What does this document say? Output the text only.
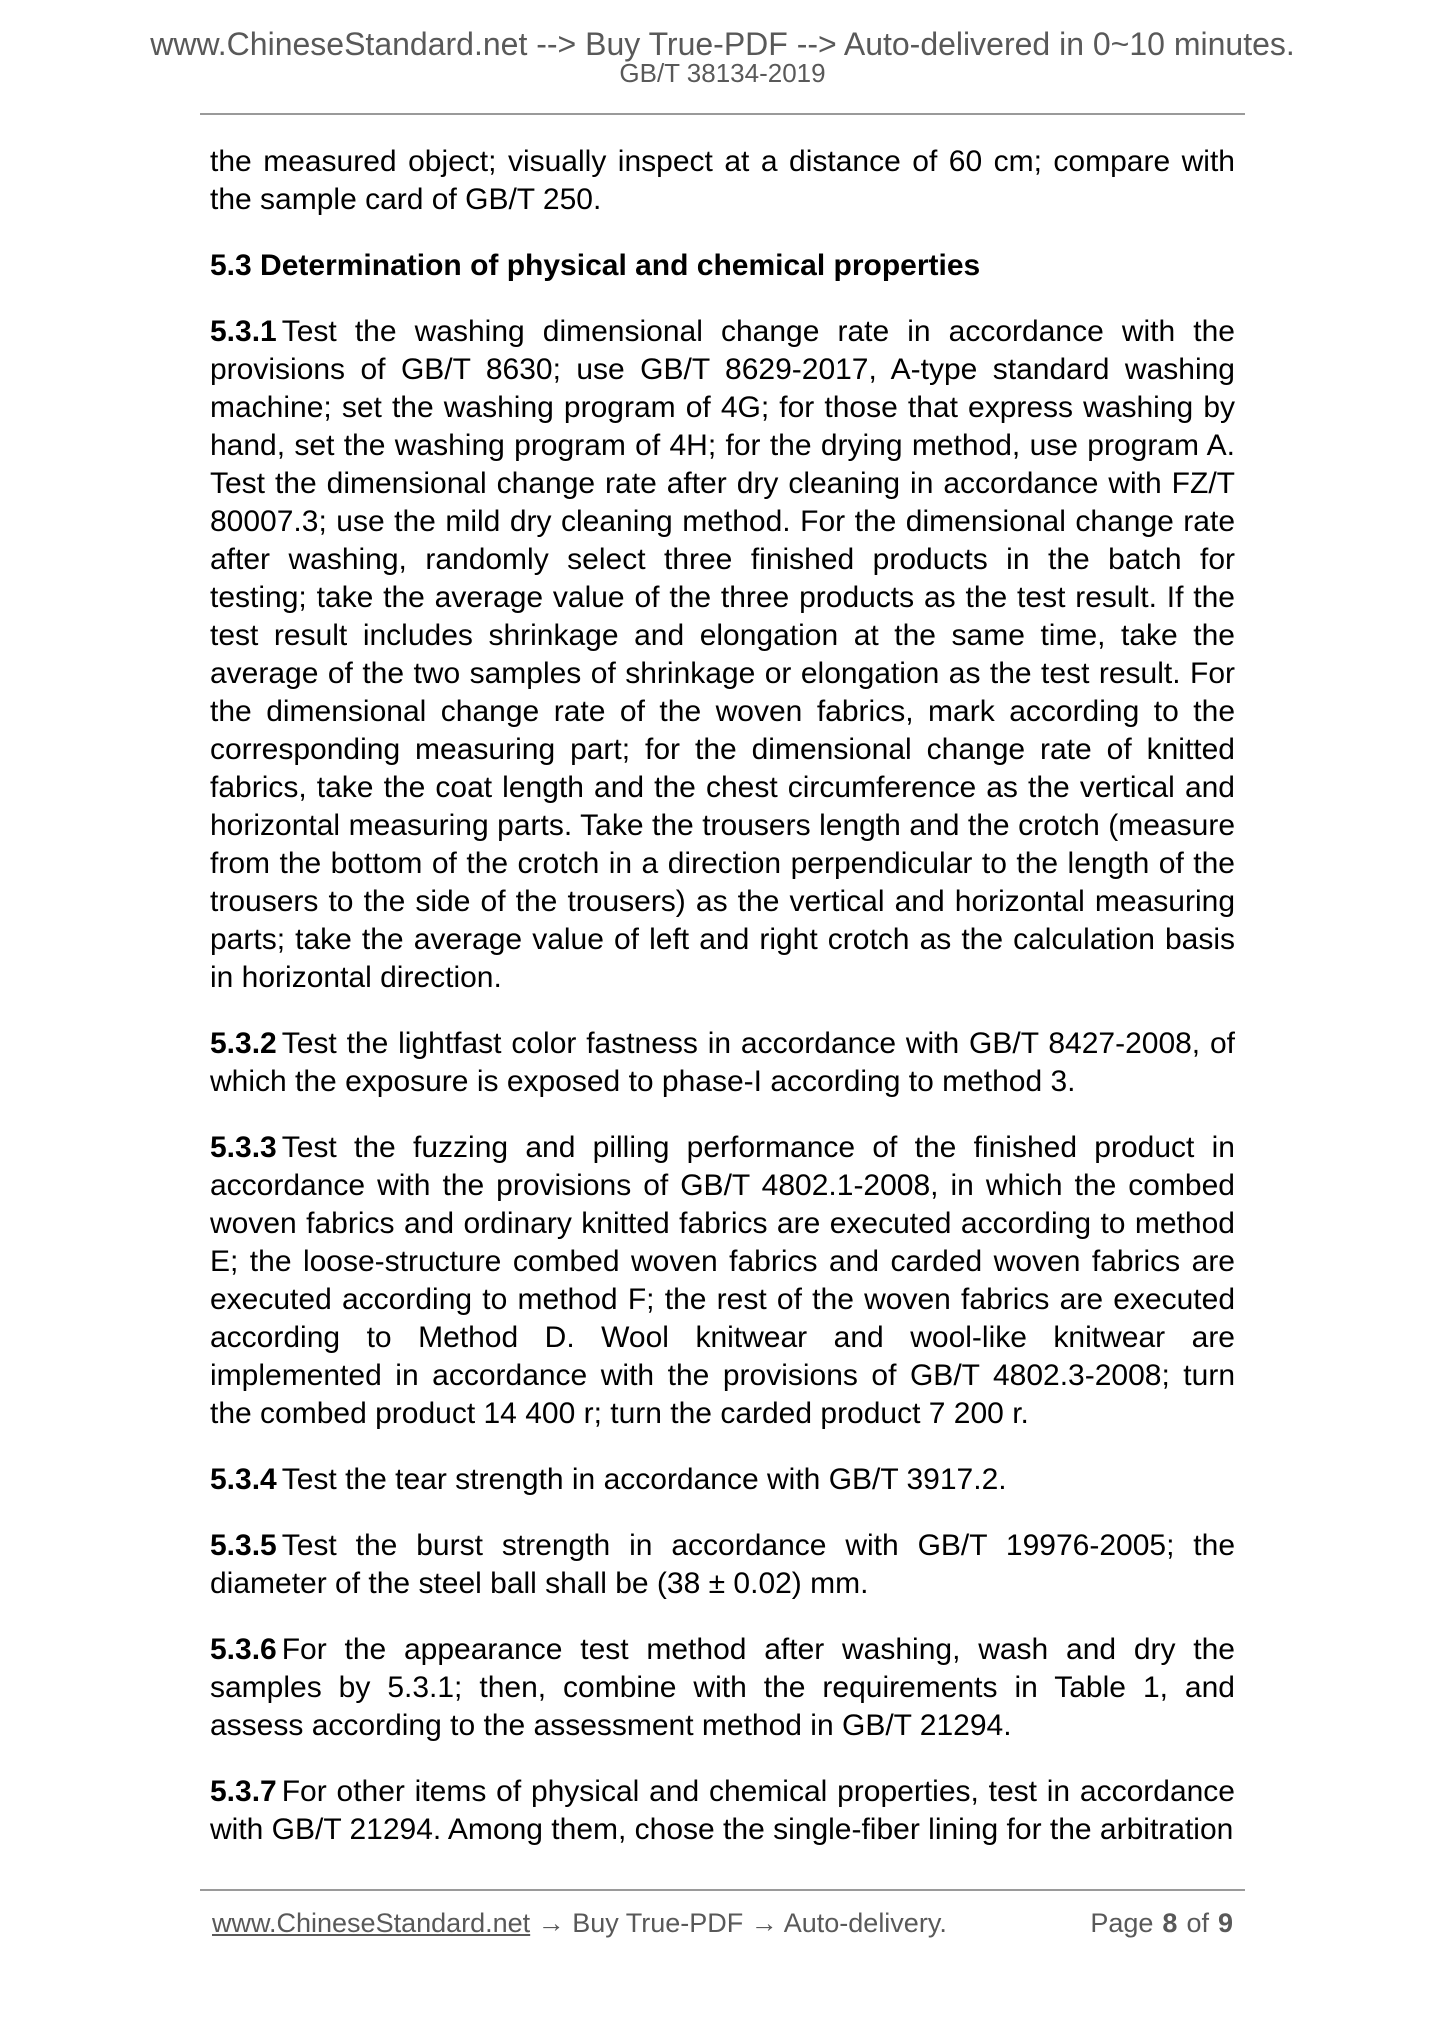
www.ChineseStandard.net --> Buy True-PDF --> Auto-delivered in 0~10 minutes.
GB/T 38134-2019

the measured object; visually inspect at a distance of 60 cm; compare with the sample card of GB/T 250.

5.3 Determination of physical and chemical properties

5.3.1 Test the washing dimensional change rate in accordance with the provisions of GB/T 8630; use GB/T 8629-2017, A-type standard washing machine; set the washing program of 4G; for those that express washing by hand, set the washing program of 4H; for the drying method, use program A. Test the dimensional change rate after dry cleaning in accordance with FZ/T 80007.3; use the mild dry cleaning method. For the dimensional change rate after washing, randomly select three finished products in the batch for testing; take the average value of the three products as the test result. If the test result includes shrinkage and elongation at the same time, take the average of the two samples of shrinkage or elongation as the test result. For the dimensional change rate of the woven fabrics, mark according to the corresponding measuring part; for the dimensional change rate of knitted fabrics, take the coat length and the chest circumference as the vertical and horizontal measuring parts. Take the trousers length and the crotch (measure from the bottom of the crotch in a direction perpendicular to the length of the trousers to the side of the trousers) as the vertical and horizontal measuring parts; take the average value of left and right crotch as the calculation basis in horizontal direction.

5.3.2 Test the lightfast color fastness in accordance with GB/T 8427-2008, of which the exposure is exposed to phase-I according to method 3.

5.3.3 Test the fuzzing and pilling performance of the finished product in accordance with the provisions of GB/T 4802.1-2008, in which the combed woven fabrics and ordinary knitted fabrics are executed according to method E; the loose-structure combed woven fabrics and carded woven fabrics are executed according to method F; the rest of the woven fabrics are executed according to Method D. Wool knitwear and wool-like knitwear are implemented in accordance with the provisions of GB/T 4802.3-2008; turn the combed product 14 400 r; turn the carded product 7 200 r.

5.3.4 Test the tear strength in accordance with GB/T 3917.2.

5.3.5 Test the burst strength in accordance with GB/T 19976-2005; the diameter of the steel ball shall be (38 ± 0.02) mm.

5.3.6 For the appearance test method after washing, wash and dry the samples by 5.3.1; then, combine with the requirements in Table 1, and assess according to the assessment method in GB/T 21294.

5.3.7 For other items of physical and chemical properties, test in accordance with GB/T 21294. Among them, chose the single-fiber lining for the arbitration

www.ChineseStandard.net → Buy True-PDF → Auto-delivery.	Page 8 of 9
